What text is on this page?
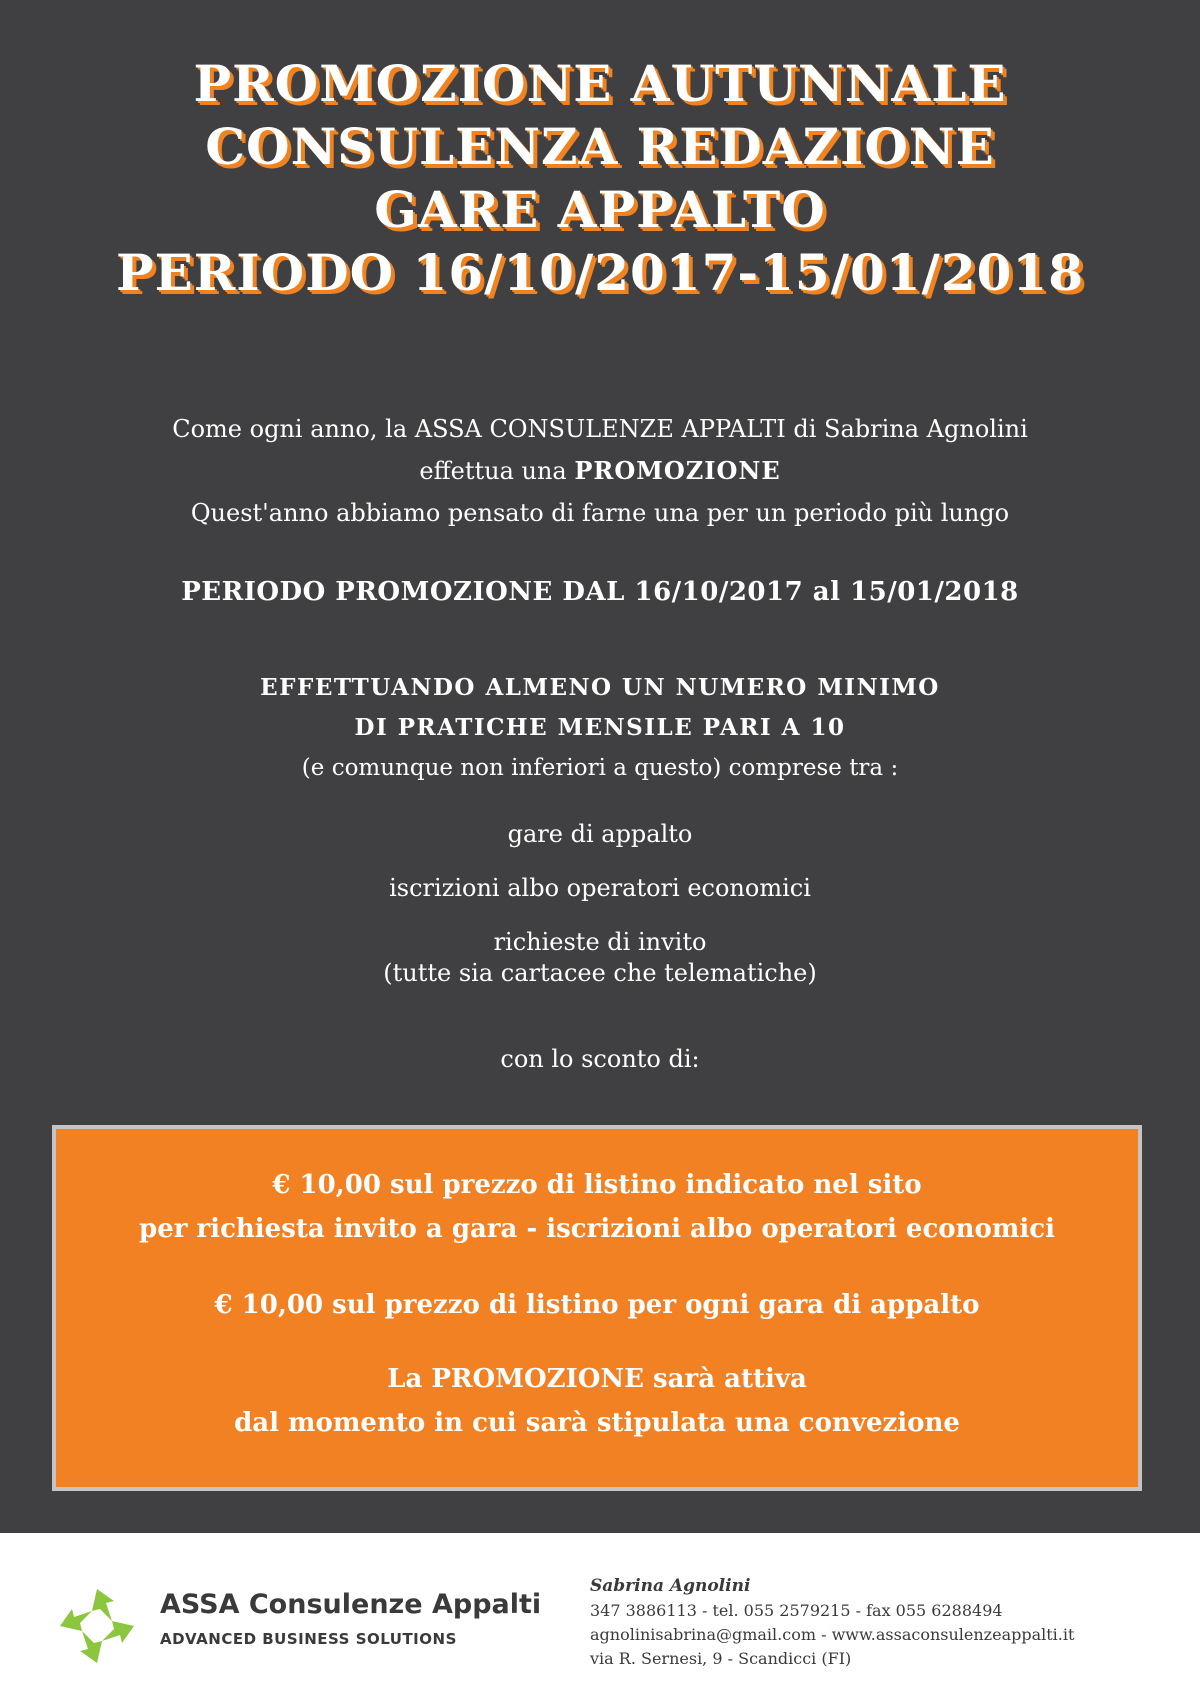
PROMOZIONE AUTUNNALE
CONSULENZA REDAZIONE
GARE APPALTO
PERIODO 16/10/2017-15/01/2018
Come ogni anno, la ASSA CONSULENZE APPALTI di Sabrina Agnolini
effettua una PROMOZIONE
Quest'anno abbiamo pensato di farne una per un periodo più lungo
PERIODO PROMOZIONE DAL 16/10/2017 al 15/01/2018
EFFETTUANDO ALMENO UN NUMERO MINIMO
DI PRATICHE MENSILE PARI A 10
(e comunque non inferiori a questo) comprese tra :
gare di appalto
iscrizioni albo operatori economici
richieste di invito
(tutte sia cartacee che telematiche)
con lo sconto di:
€ 10,00 sul prezzo di listino indicato nel sito
per richiesta invito a gara - iscrizioni albo operatori economici
€ 10,00 sul prezzo di listino per ogni gara di appalto
La PROMOZIONE sarà attiva
dal momento in cui sarà stipulata una convezione
ASSA Consulenze Appalti
ADVANCED BUSINESS SOLUTIONS
Sabrina Agnolini
347 3886113 - tel. 055 2579215 - fax 055 6288494
agnolinisabrina@gmail.com - www.assaconsulenzeappalti.it
via R. Sernesi, 9 - Scandicci (FI)
